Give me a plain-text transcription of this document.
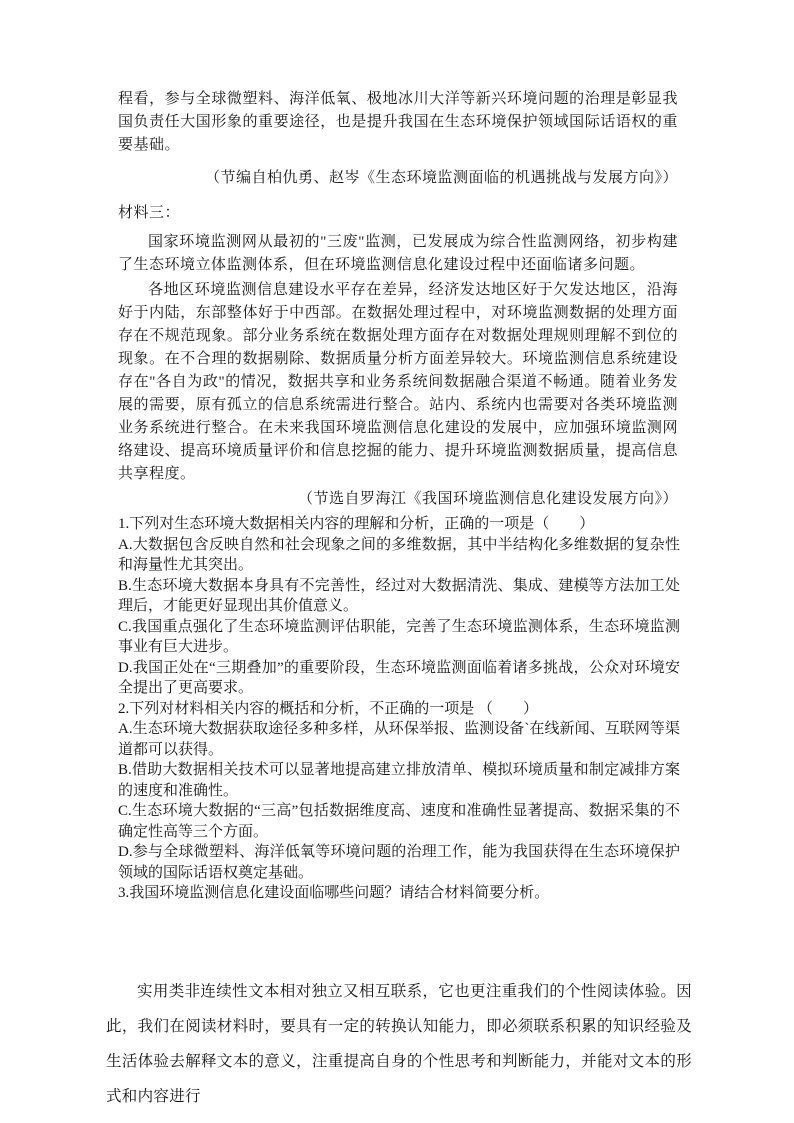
程看，参与全球微塑料、海洋低氧、极地冰川大洋等新兴环境问题的治理是彰显我国负责任大国形象的重要途径，也是提升我国在生态环境保护领域国际话语权的重要基础。

（节编自柏仇勇、赵岑《生态环境监测面临的机遇挑战与发展方向》）

材料三：

国家环境监测网从最初的"三废"监测，已发展成为综合性监测网络，初步构建了生态环境立体监测体系，但在环境监测信息化建设过程中还面临诸多问题。

各地区环境监测信息建设水平存在差异，经济发达地区好于欠发达地区，沿海好于内陆，东部整体好于中西部。在数据处理过程中，对环境监测数据的处理方面存在不规范现象。部分业务系统在数据处理方面存在对数据处理规则理解不到位的现象。在不合理的数据剔除、数据质量分析方面差异较大。环境监测信息系统建设存在"各自为政"的情况，数据共享和业务系统间数据融合渠道不畅通。随着业务发展的需要，原有孤立的信息系统需进行整合。站内、系统内也需要对各类环境监测业务系统进行整合。在未来我国环境监测信息化建设的发展中，应加强环境监测网络建设、提高环境质量评价和信息挖掘的能力、提升环境监测数据质量，提高信息共享程度。

（节选自罗海江《我国环境监测信息化建设发展方向》）

1.下列对生态环境大数据相关内容的理解和分析，正确的一项是（　　）

A.大数据包含反映自然和社会现象之间的多维数据，其中半结构化多维数据的复杂性和海量性尤其突出。

B.生态环境大数据本身具有不完善性，经过对大数据清洗、集成、建模等方法加工处理后，才能更好显现出其价值意义。

C.我国重点强化了生态环境监测评估职能，完善了生态环境监测体系，生态环境监测事业有巨大进步。

D.我国正处在“三期叠加”的重要阶段，生态环境监测面临着诸多挑战，公众对环境安全提出了更高要求。

2.下列对材料相关内容的概括和分析，不正确的一项是 （　　）

A.生态环境大数据获取途径多种多样，从环保举报、监测设备`在线新闻、互联网等渠道都可以获得。

B.借助大数据相关技术可以显著地提高建立排放清单、模拟环境质量和制定减排方案的速度和准确性。

C.生态环境大数据的“三高”包括数据维度高、速度和准确性显著提高、数据采集的不确定性高等三个方面。

D.参与全球微塑料、海洋低氧等环境问题的治理工作，能为我国获得在生态环境保护领域的国际话语权奠定基础。

3.我国环境监测信息化建设面临哪些问题？请结合材料简要分析。

实用类非连续性文本相对独立又相互联系，它也更注重我们的个性阅读体验。因此，我们在阅读材料时，要具有一定的转换认知能力，即必须联系积累的知识经验及生活体验去解释文本的意义，注重提高自身的个性思考和判断能力，并能对文本的形式和内容进行
